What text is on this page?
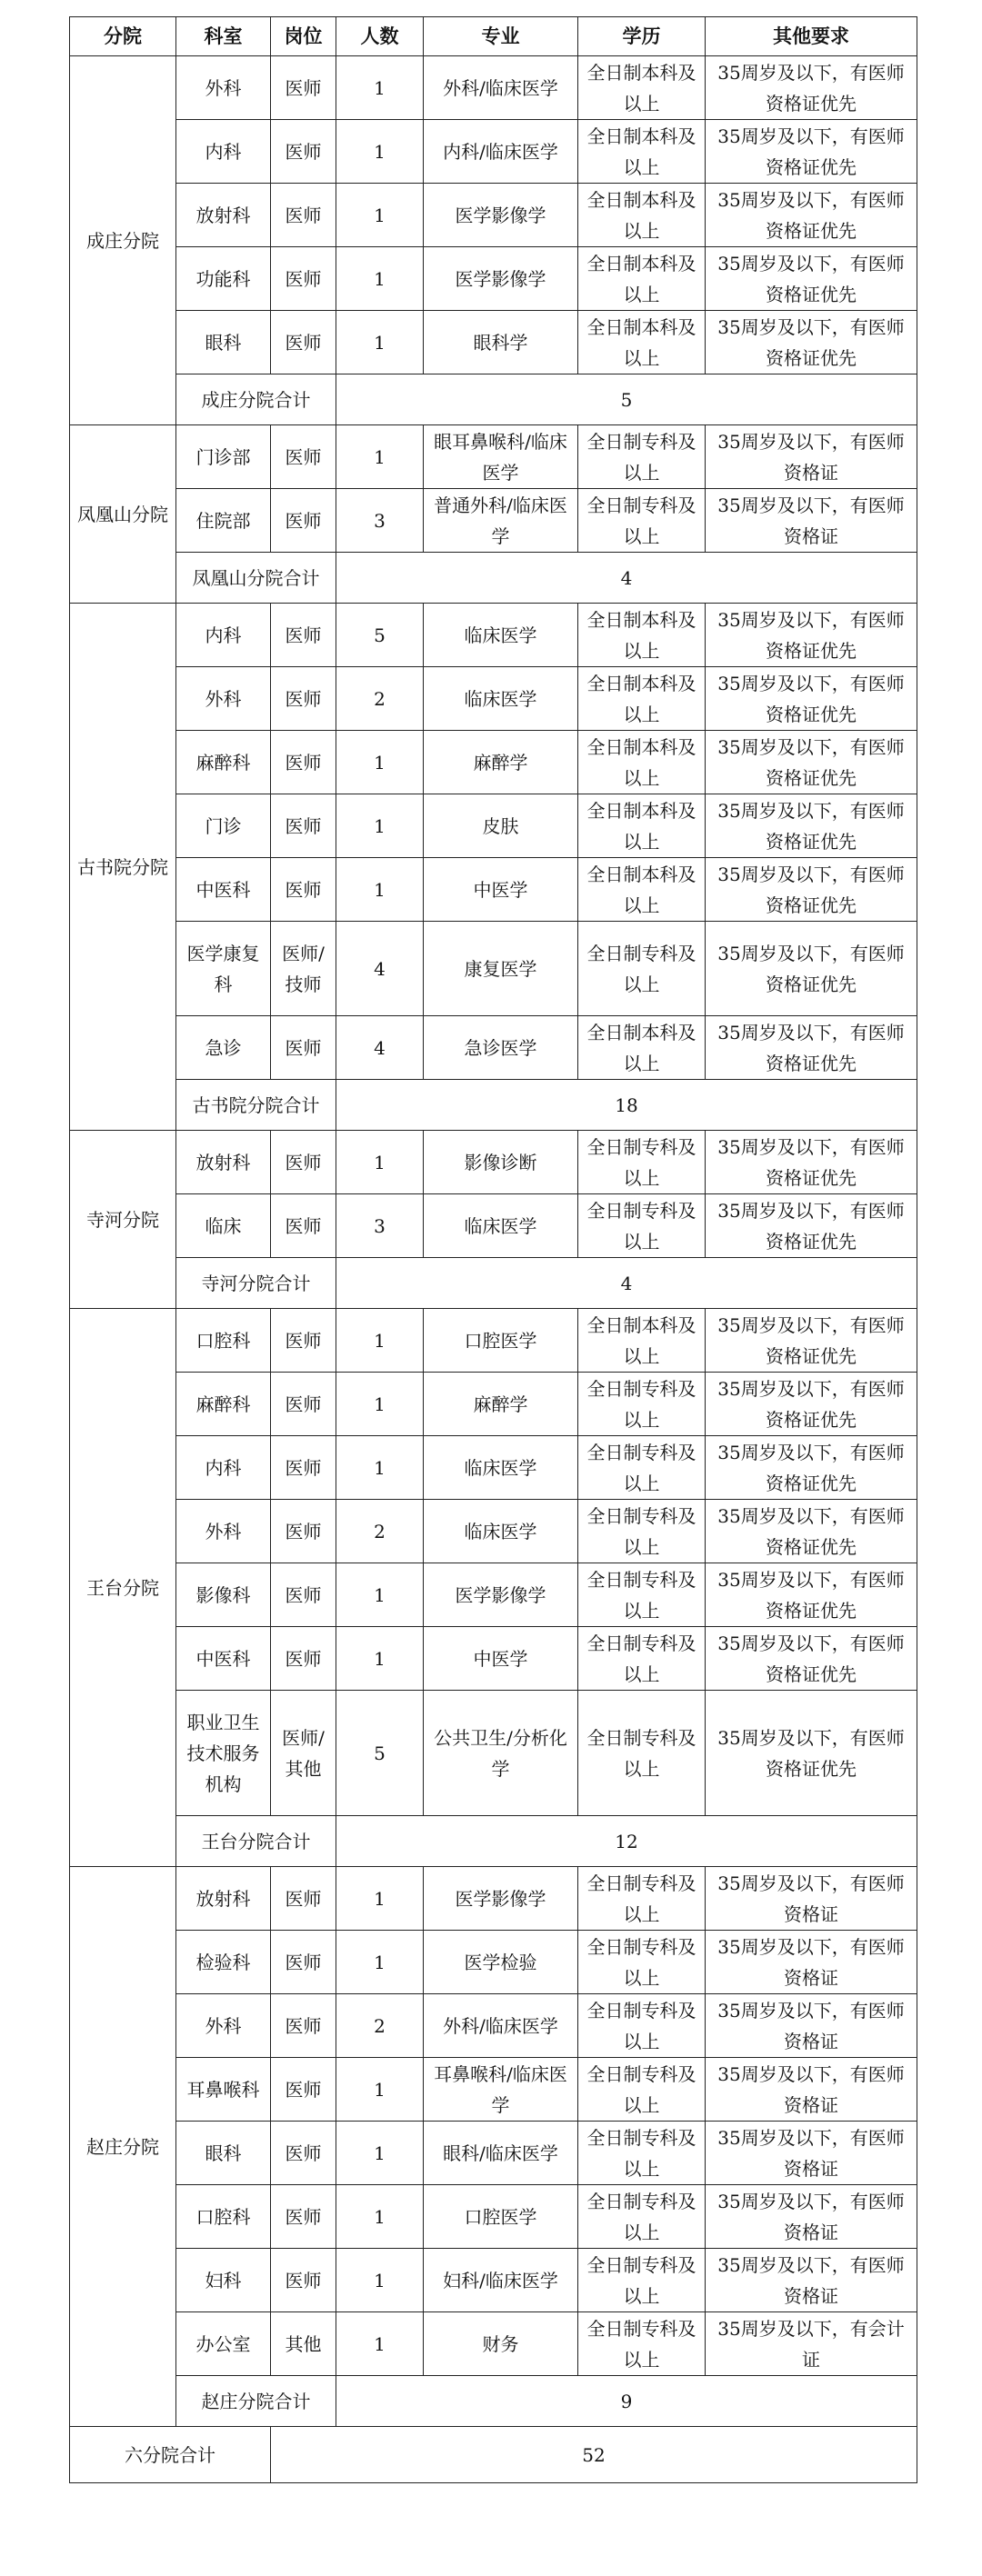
分院	科室	岗位	人数	专业	学历	其他要求
成庄分院	外科	医师	1	外科/临床医学	全日制本科及以上	35周岁及以下，有医师资格证优先
	内科	医师	1	内科/临床医学	全日制本科及以上	35周岁及以下，有医师资格证优先
	放射科	医师	1	医学影像学	全日制本科及以上	35周岁及以下，有医师资格证优先
	功能科	医师	1	医学影像学	全日制本科及以上	35周岁及以下，有医师资格证优先
	眼科	医师	1	眼科学	全日制本科及以上	35周岁及以下，有医师资格证优先
	成庄分院合计		5			
凤凰山分院	门诊部	医师	1	眼耳鼻喉科/临床医学	全日制专科及以上	35周岁及以下，有医师资格证
	住院部	医师	3	普通外科/临床医学	全日制专科及以上	35周岁及以下，有医师资格证
	凤凰山分院合计		4			
古书院分院	内科	医师	5	临床医学	全日制本科及以上	35周岁及以下，有医师资格证优先
	外科	医师	2	临床医学	全日制本科及以上	35周岁及以下，有医师资格证优先
	麻醉科	医师	1	麻醉学	全日制本科及以上	35周岁及以下，有医师资格证优先
	门诊	医师	1	皮肤	全日制本科及以上	35周岁及以下，有医师资格证优先
	中医科	医师	1	中医学	全日制本科及以上	35周岁及以下，有医师资格证优先
	医学康复科	医师/技师	4	康复医学	全日制专科及以上	35周岁及以下，有医师资格证优先
	急诊	医师	4	急诊医学	全日制本科及以上	35周岁及以下，有医师资格证优先
	古书院分院合计		18			
寺河分院	放射科	医师	1	影像诊断	全日制专科及以上	35周岁及以下，有医师资格证优先
	临床	医师	3	临床医学	全日制专科及以上	35周岁及以下，有医师资格证优先
	寺河分院合计		4			
王台分院	口腔科	医师	1	口腔医学	全日制本科及以上	35周岁及以下，有医师资格证优先
	麻醉科	医师	1	麻醉学	全日制专科及以上	35周岁及以下，有医师资格证优先
	内科	医师	1	临床医学	全日制专科及以上	35周岁及以下，有医师资格证优先
	外科	医师	2	临床医学	全日制专科及以上	35周岁及以下，有医师资格证优先
	影像科	医师	1	医学影像学	全日制专科及以上	35周岁及以下，有医师资格证优先
	中医科	医师	1	中医学	全日制专科及以上	35周岁及以下，有医师资格证优先
	职业卫生技术服务机构	医师/其他	5	公共卫生/分析化学	全日制专科及以上	35周岁及以下，有医师资格证优先
	王台分院合计		12			
赵庄分院	放射科	医师	1	医学影像学	全日制专科及以上	35周岁及以下，有医师资格证
	检验科	医师	1	医学检验	全日制专科及以上	35周岁及以下，有医师资格证
	外科	医师	2	外科/临床医学	全日制专科及以上	35周岁及以下，有医师资格证
	耳鼻喉科	医师	1	耳鼻喉科/临床医学	全日制专科及以上	35周岁及以下，有医师资格证
	眼科	医师	1	眼科/临床医学	全日制专科及以上	35周岁及以下，有医师资格证
	口腔科	医师	1	口腔医学	全日制专科及以上	35周岁及以下，有医师资格证
	妇科	医师	1	妇科/临床医学	全日制专科及以上	35周岁及以下，有医师资格证
	办公室	其他	1	财务	全日制专科及以上	35周岁及以下，有会计证
	赵庄分院合计		9			
六分院合计		52				
